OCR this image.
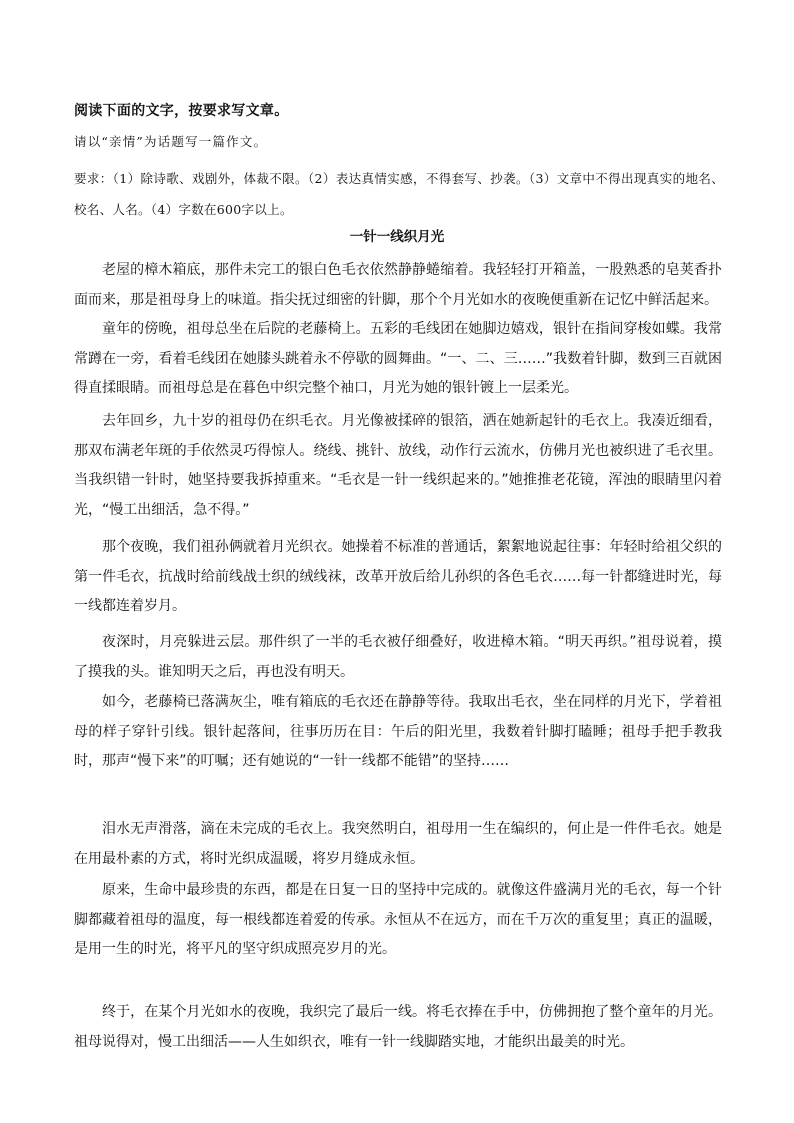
阅读下面的文字，按要求写文章。
请以“亲情”为话题写一篇作文。
要求：（1）除诗歌、戏剧外，体裁不限。（2）表达真情实感，不得套写、抄袭。（3）文章中不得出现真实的地名、校名、人名。（4）字数在600字以上。
一针一线织月光

老屋的樟木箱底，那件未完工的银白色毛衣依然静静蜷缩着。我轻轻打开箱盖，一股熟悉的皂荚香扑面而来，那是祖母身上的味道。指尖抚过细密的针脚，那个个月光如水的夜晚便重新在记忆中鲜活起来。

童年的傍晚，祖母总坐在后院的老藤椅上。五彩的毛线团在她脚边嬉戏，银针在指间穿梭如蝶。我常常蹲在一旁，看着毛线团在她膝头跳着永不停歇的圆舞曲。“一、二、三……”我数着针脚，数到三百就困得直揉眼睛。而祖母总是在暮色中织完整个袖口，月光为她的银针镀上一层柔光。

去年回乡，九十岁的祖母仍在织毛衣。月光像被揉碎的银箔，洒在她新起针的毛衣上。我凑近细看，那双布满老年斑的手依然灵巧得惊人。绕线、挑针、放线，动作行云流水，仿佛月光也被织进了毛衣里。当我织错一针时，她坚持要我拆掉重来。“毛衣是一针一线织起来的。”她推推老花镜，浑浊的眼睛里闪着光，“慢工出细活，急不得。”

那个夜晚，我们祖孙俩就着月光织衣。她操着不标准的普通话，絮絮地说起往事：年轻时给祖父织的第一件毛衣，抗战时给前线战士织的绒线袜，改革开放后给儿孙织的各色毛衣……每一针都缝进时光，每一线都连着岁月。

夜深时，月亮躲进云层。那件织了一半的毛衣被仔细叠好，收进樟木箱。“明天再织。”祖母说着，摸了摸我的头。谁知明天之后，再也没有明天。

如今，老藤椅已落满灰尘，唯有箱底的毛衣还在静静等待。我取出毛衣，坐在同样的月光下，学着祖母的样子穿针引线。银针起落间，往事历历在目：午后的阳光里，我数着针脚打瞌睡；祖母手把手教我时，那声“慢下来”的叮嘱；还有她说的“一针一线都不能错”的坚持……

泪水无声滑落，滴在未完成的毛衣上。我突然明白，祖母用一生在编织的，何止是一件件毛衣。她是在用最朴素的方式，将时光织成温暖，将岁月缝成永恒。

原来，生命中最珍贵的东西，都是在日复一日的坚持中完成的。就像这件盛满月光的毛衣，每一个针脚都藏着祖母的温度，每一根线都连着爱的传承。永恒从不在远方，而在千万次的重复里；真正的温暖，是用一生的时光，将平凡的坚守织成照亮岁月的光。

终于，在某个月光如水的夜晚，我织完了最后一线。将毛衣捧在手中，仿佛拥抱了整个童年的月光。祖母说得对，慢工出细活——人生如织衣，唯有一针一线脚踏实地，才能织出最美的时光。
